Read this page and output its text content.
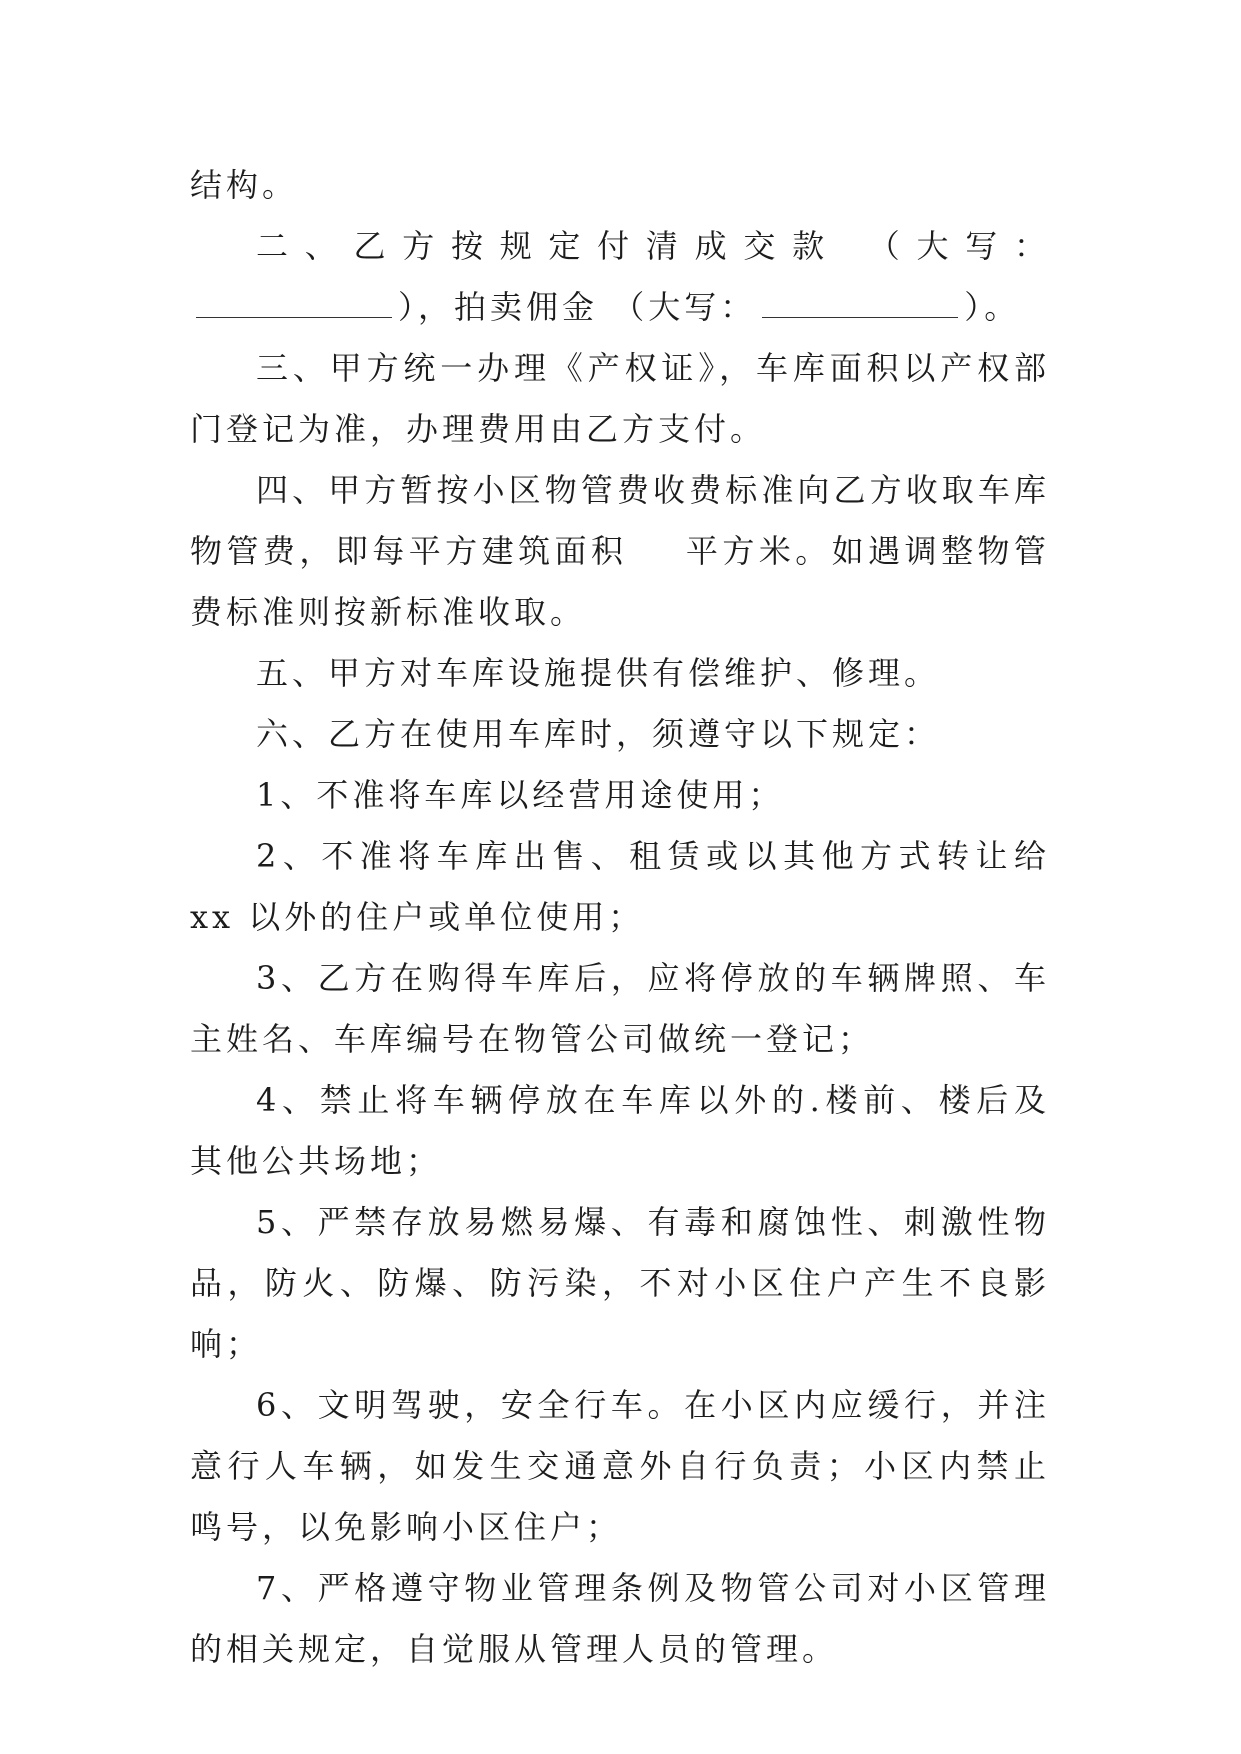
结构。

二、乙方按规定付清成交款 （大写：），拍卖佣金 （大写：	）。

三、甲方统一办理《产权证》，车库面积以产权部门登记为准，办理费用由乙方支付。

四、甲方暂按小区物管费收费标准向乙方收取车库物管费，即每平方建筑面积 平方米。如遇调整物管费标准则按新标准收取。

五、甲方对车库设施提供有偿维护、修理。

六、乙方在使用车库时，须遵守以下规定：

1、不准将车库以经营用途使用；

2、不准将车库出售、租赁或以其他方式转让给 xx 以外的住户或单位使用；

3、乙方在购得车库后，应将停放的车辆牌照、车主姓名、车库编号在物管公司做统一登记；

4、禁止将车辆停放在车库以外的.楼前、楼后及其他公共场地；

5、严禁存放易燃易爆、有毒和腐蚀性、刺激性物品，防火、防爆、防污染，不对小区住户产生不良影响；

6、文明驾驶，安全行车。在小区内应缓行，并注意行人车辆，如发生交通意外自行负责；小区内禁止鸣号，以免影响小区住户；

7、严格遵守物业管理条例及物管公司对小区管理的相关规定，自觉服从管理人员的管理。
